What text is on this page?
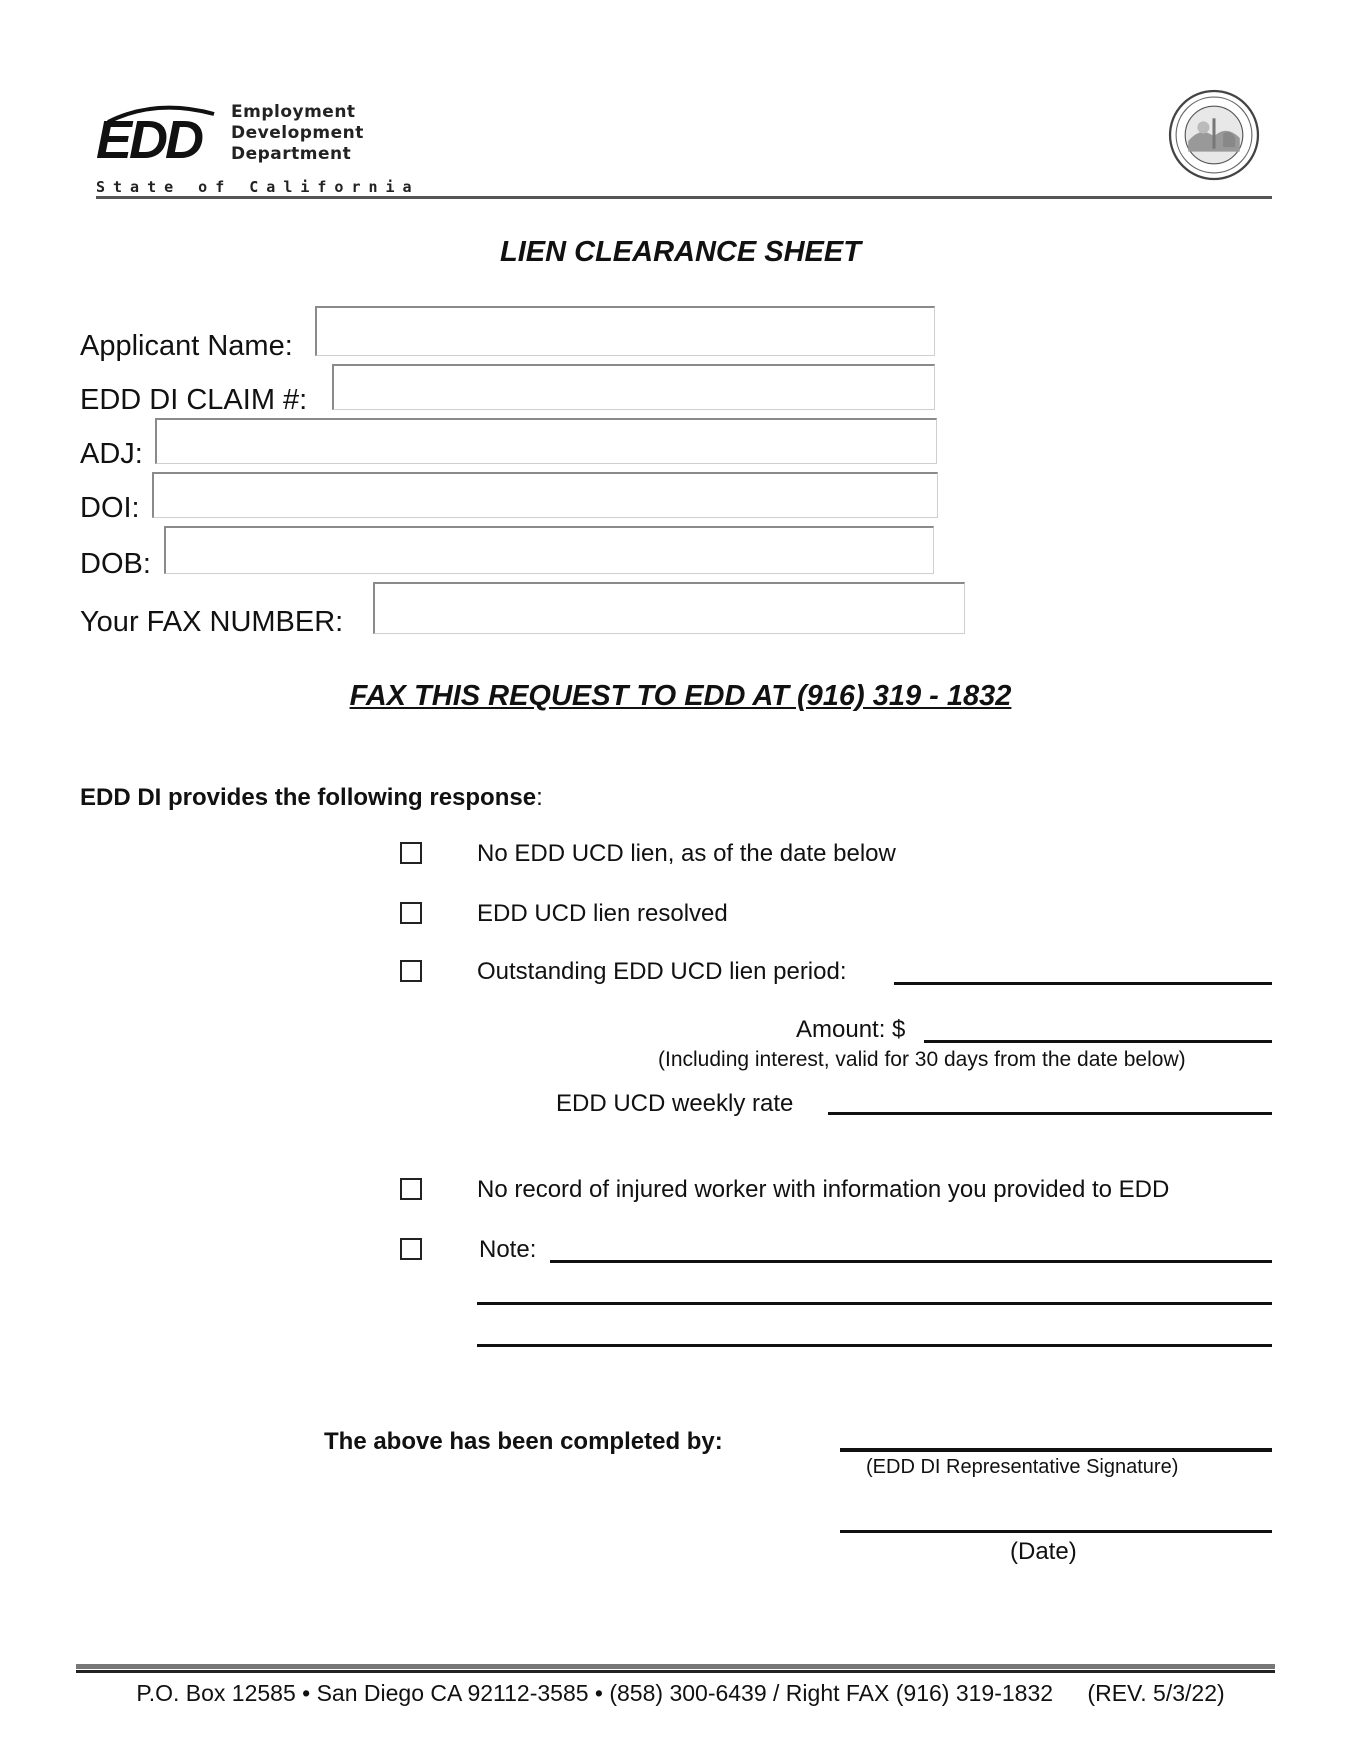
EDD Employment
Development
Department
State of California
LIEN CLEARANCE SHEET
Applicant Name:
EDD DI CLAIM #:
ADJ:
DOI:
DOB:
Your FAX NUMBER:
FAX THIS REQUEST TO EDD AT (916) 319 - 1832
EDD DI provides the following response:
No EDD UCD lien, as of the date below
EDD UCD lien resolved
Outstanding EDD UCD lien period:
Amount: $
(Including interest, valid for 30 days from the date below)
EDD UCD weekly rate
No record of injured worker with information you provided to EDD
Note:
The above has been completed by:
(EDD DI Representative Signature)
(Date)
P.O. Box 12585 • San Diego CA 92112-3585 • (858) 300-6439 / Right FAX (916) 319-1832 (REV. 5/3/22)
